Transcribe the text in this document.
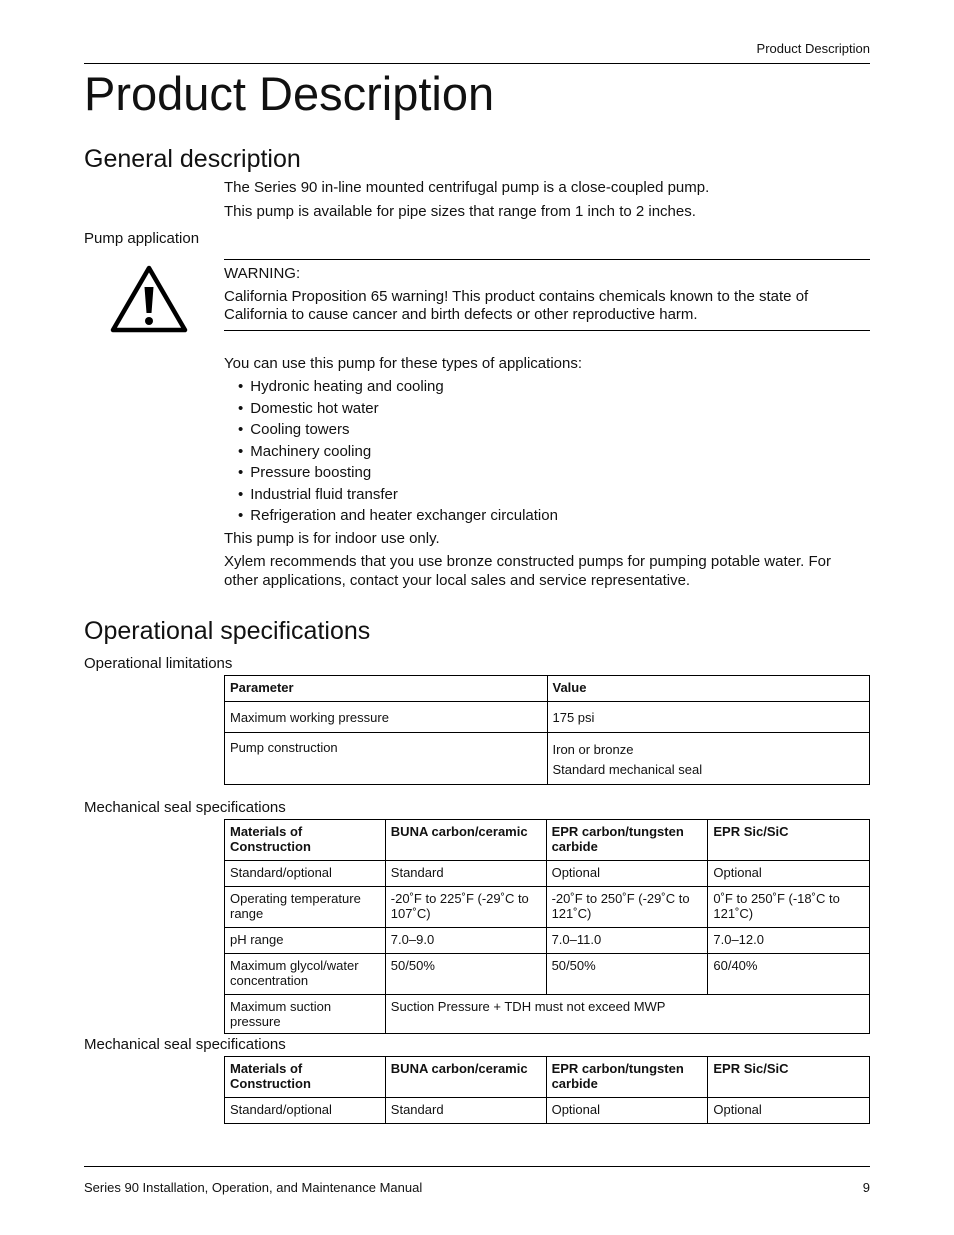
Product Description
Product Description
General description

The Series 90 in-line mounted centrifugal pump is a close-coupled pump.

This pump is available for pipe sizes that range from 1 inch to 2 inches.

Pump application

WARNING:

California Proposition 65 warning! This product contains chemicals known to the state of California to cause cancer and birth defects or other reproductive harm.

You can use this pump for these types of applications:

• Hydronic heating and cooling
• Domestic hot water
• Cooling towers
• Machinery cooling
• Pressure boosting
• Industrial fluid transfer
• Refrigeration and heater exchanger circulation

This pump is for indoor use only.

Xylem recommends that you use bronze constructed pumps for pumping potable water. For other applications, contact your local sales and service representative.

Operational specifications
Operational limitations
Parameter	Value
Maximum working pressure	175 psi
Pump construction	Iron or bronze
Standard mechanical seal
Mechanical seal specifications
Materials of Construction	BUNA carbon/ceramic	EPR carbon/tungsten carbide	EPR Sic/SiC
Standard/optional	Standard	Optional	Optional
Operating temperature range	-20˚F to 225˚F (-29˚C to 107˚C)	-20˚F to 250˚F (-29˚C to 121˚C)	0˚F to 250˚F (-18˚C to 121˚C)
pH range	7.0–9.0	7.0–11.0	7.0–12.0
Maximum glycol/water concentration	50/50%	50/50%	60/40%
Maximum suction pressure	Suction Pressure + TDH must not exceed MWP		
Mechanical seal specifications
Materials of Construction	BUNA carbon/ceramic	EPR carbon/tungsten carbide	EPR Sic/SiC
Standard/optional	Standard	Optional	Optional
Series 90 Installation, Operation, and Maintenance Manual	9
